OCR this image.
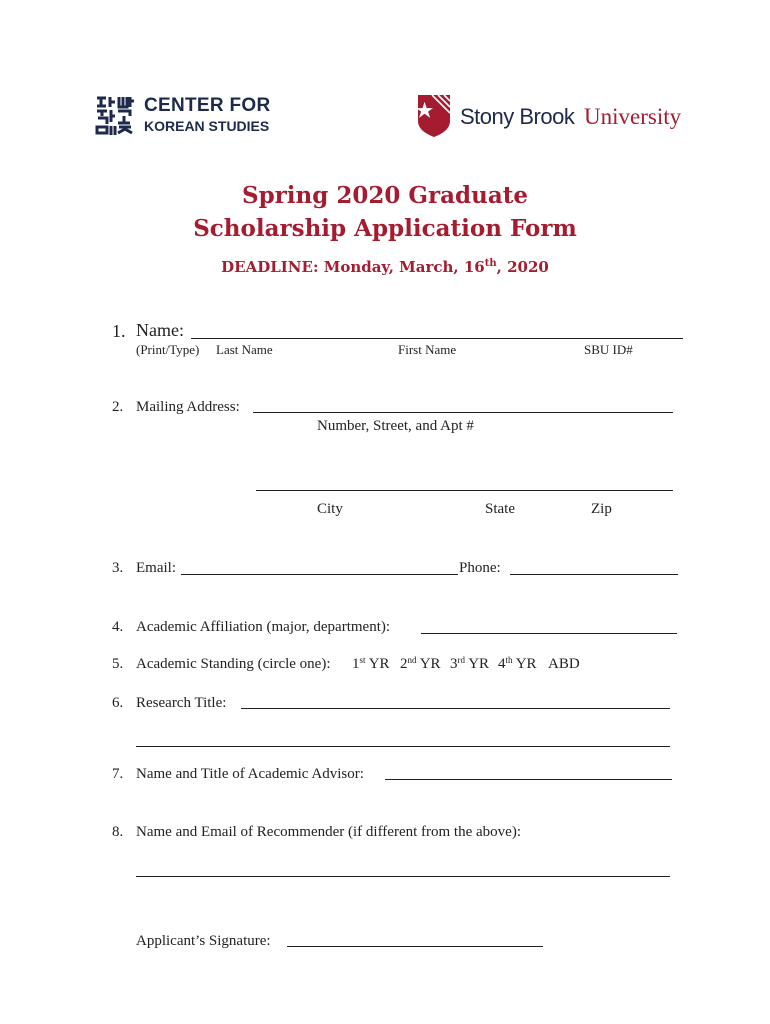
CENTER FOR
KOREAN STUDIES	Stony Brook University
Spring 2020 Graduate
Scholarship Application Form
DEADLINE: Monday, March, 16th, 2020
1. Name:
(Print/Type) Last Name	First Name	SBU ID#
2. Mailing Address:
Number, Street, and Apt #
City	State	Zip
3. Email:	Phone:
4. Academic Affiliation (major, department):
5. Academic Standing (circle one): 1st YR 2nd YR 3rd YR 4th YR ABD
6. Research Title:
7. Name and Title of Academic Advisor:
8. Name and Email of Recommender (if different from the above):
Applicant’s Signature:
